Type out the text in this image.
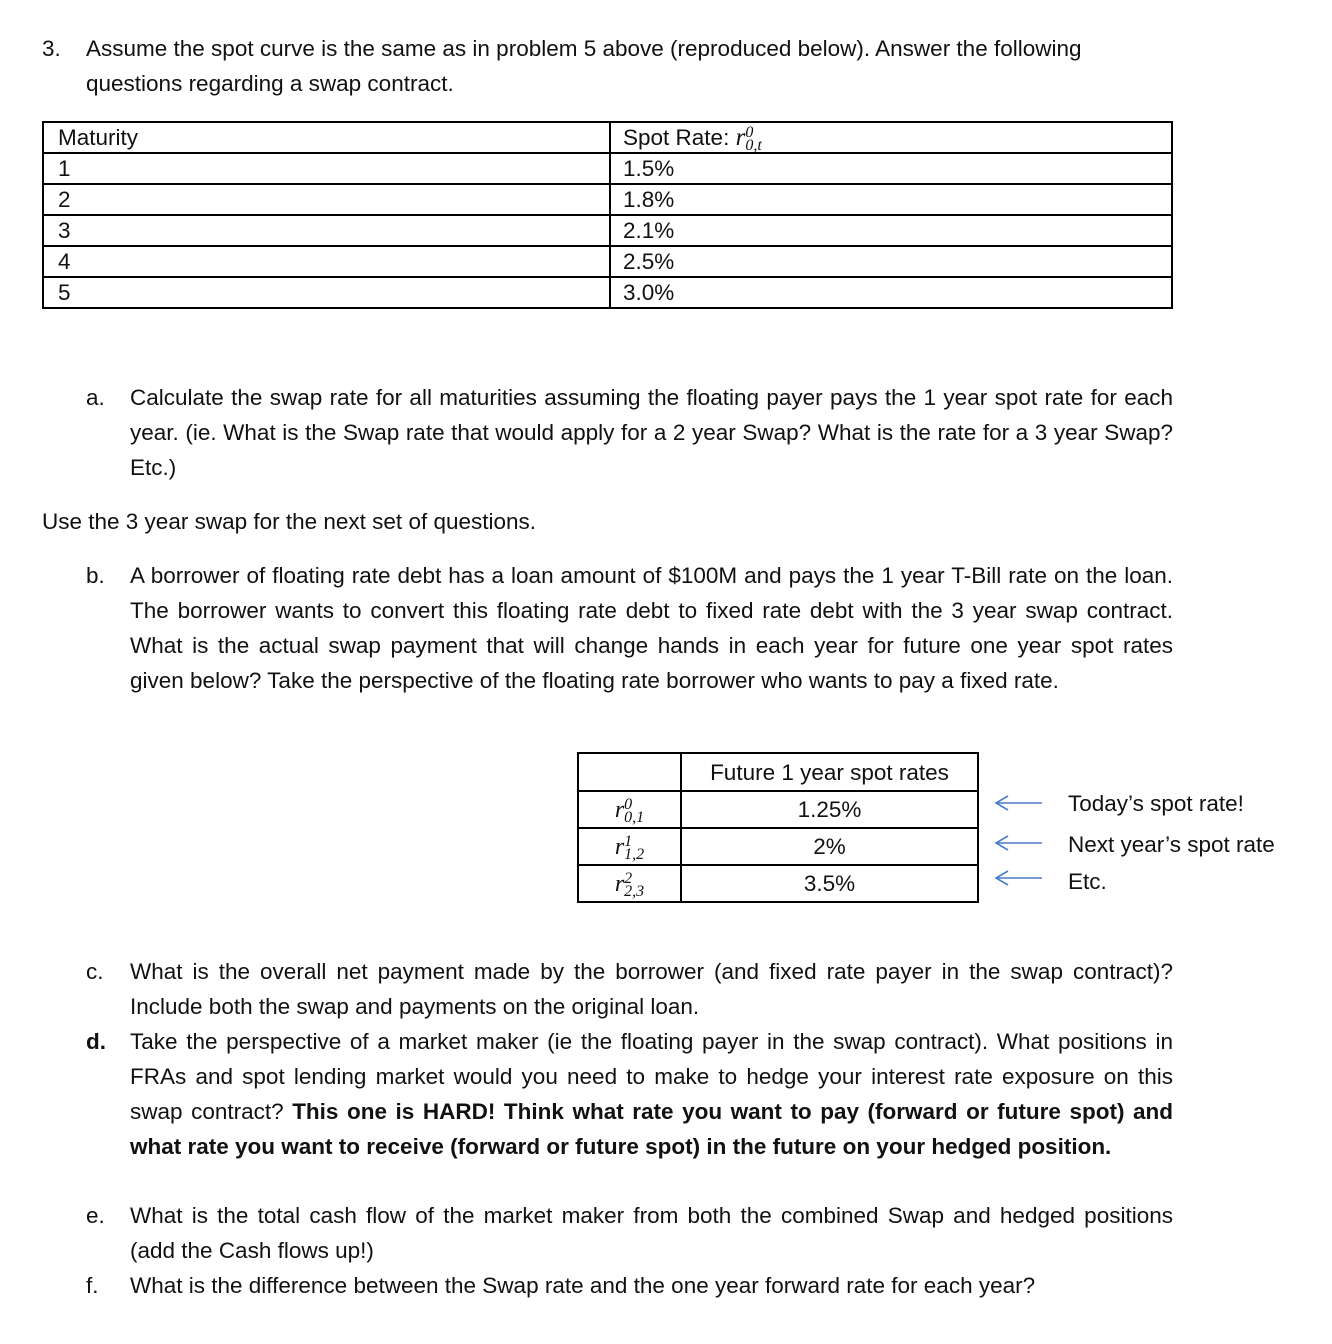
3. Assume the spot curve is the same as in problem 5 above (reproduced below). Answer the following questions regarding a swap contract.
Maturity	Spot Rate: r 0
0,t

1	1.5%
2	1.8%
3	2.1%
4	2.5%
5	3.0%
a. Calculate the swap rate for all maturities assuming the floating payer pays the 1 year spot rate for each year. (ie. What is the Swap rate that would apply for a 2 year Swap? What is the rate for a 3 year Swap? Etc.)
Use the 3 year swap for the next set of questions.
b. A borrower of floating rate debt has a loan amount of $100M and pays the 1 year T-Bill rate on the loan. The borrower wants to convert this floating rate debt to fixed rate debt with the 3 year swap contract. What is the actual swap payment that will change hands in each year for future one year spot rates given below? Take the perspective of the floating rate borrower who wants to pay a fixed rate.
	Future 1 year spot rates
r 0
0,1	1.25%
r 1
1,2	2%
r 2
2,3	3.5%
Today’s spot rate!
Next year’s spot rate
Etc.
c. What is the overall net payment made by the borrower (and fixed rate payer in the swap contract)? Include both the swap and payments on the original loan.
d. Take the perspective of a market maker (ie the floating payer in the swap contract). What positions in FRAs and spot lending market would you need to make to hedge your interest rate exposure on this swap contract? This one is HARD! Think what rate you want to pay (forward or future spot) and what rate you want to receive (forward or future spot) in the future on your hedged position.
e. What is the total cash flow of the market maker from both the combined Swap and hedged positions (add the Cash flows up!)
f. What is the difference between the Swap rate and the one year forward rate for each year?
